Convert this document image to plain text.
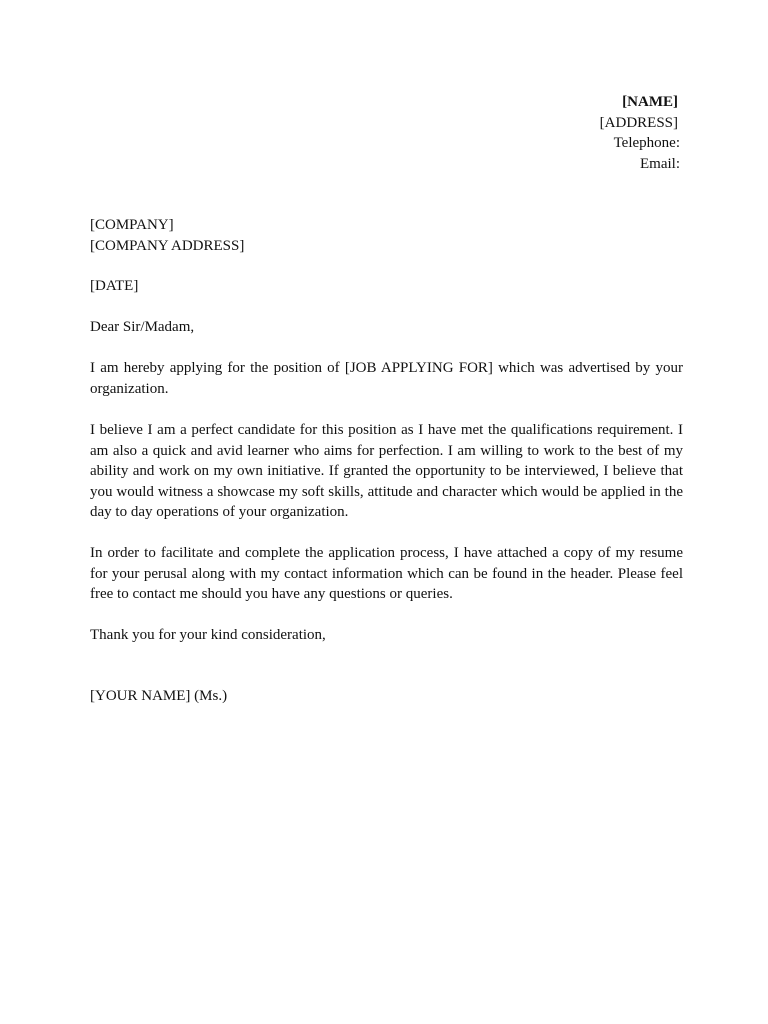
[NAME]
[ADDRESS]
Telephone:
Email:
[COMPANY]
[COMPANY ADDRESS]
[DATE]
Dear Sir/Madam,

I am hereby applying for the position of [JOB APPLYING FOR] which was advertised by your organization.

I believe I am a perfect candidate for this position as I have met the qualifications requirement. I am also a quick and avid learner who aims for perfection. I am willing to work to the best of my ability and work on my own initiative. If granted the opportunity to be interviewed, I believe that you would witness a showcase my soft skills, attitude and character which would be applied in the day to day operations of your organization.

In order to facilitate and complete the application process, I have attached a copy of my resume for your perusal along with my contact information which can be found in the header. Please feel free to contact me should you have any questions or queries.

Thank you for your kind consideration,
[YOUR NAME] (Ms.)
